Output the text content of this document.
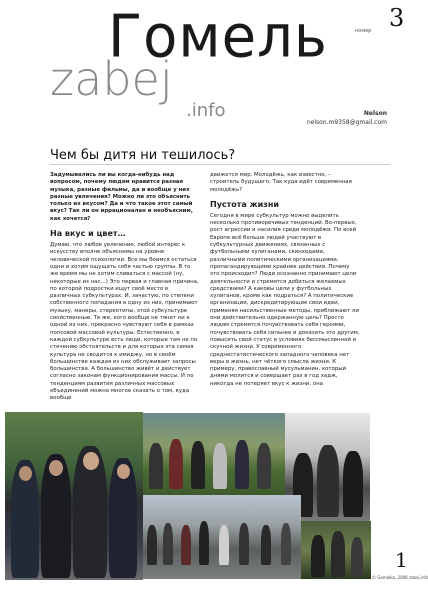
Гомель	номер 3
zabej
.info	Nelson
nelson.m9358@gmail.com
Чем бы дитя ни тешилось?

Задумывались ли вы когда-нибудь над вопросом, почему людям нравится разная музыка, разные фильмы, да и вообще у них разные увлечения? Можно ли это объяснить только их вкусом? Да и что такое этот самый вкус? Так ли он иррационален и необъясним, как хочется?

На вкус и цвет…

Думаю, что любое увлечение, любой интерес к искусству вполне объяснимы на уровне человеческой психологии. Все мы боимся остаться одни и хотим ощущать себя частью группы. В то же время мы не хотим сливаться с массой (ну, некоторые из нас…) Это первая и главная причина, по которой подростки ищут своё место в различных субкультурах. И, зачастую, по степени собственного попадания в одну из них, принимают музыку, манеры, стереотипы, этой субкультуре свойственные. Те же, кого вообще не тянет ни к одной из них, прекрасно чувствуют себя в рамках попсовой массовой культуры. Естественно, в каждой субкультуре есть люди, которые там не по стечению обстоятельств и для которых эта самая культура не сводится к имиджу, но в своём большинстве каждая из них обслуживает запросы большинства. А большинство живёт и действует согласно законам функционирования массы. И по тенденциям развития различных массовых объединений можно многое сказать о том, куда вообще

движется мир. Молодёжь, как известно, – строитель будущего. Так куда идёт современная молодёжь?

Пустота жизни

Сегодня в мире субкультур можно выделить несколько противоречивых тенденций. Во-первых, рост агрессии и насилия среди молодёжи. По всей Европе всё больше людей участвуют в субкультурных движениях, связанных с футбольными хулиганами, скинхедами, различными политическими организациями, пропагандирующими крайнее действия. Почему это происходит? Люди осознанно принимают цели деятельности и стремятся добиться желаемых средствами? А каковы цели у футбольных хулиганов, кроме как подраться? А политические организации, дискредитирующие свои идеи, применяя насильственные методы, приближают ли они действительно одержанную цель? Просто людям стремятся почувствовать себя героями, почувствовать себя сильнее и доказать это другим, повысить свой статус в условиях бессмысленной и скучной жизни. У современного среднестатистического западного человека нет веры в жизнь, нет чёткого смысла жизни. К примеру, православный мусульманин, который днями молится и совершает раз в год хадж, никогда не потеряет вкус к жизни, она

1
© Gomelka, 2008 zabej.info
